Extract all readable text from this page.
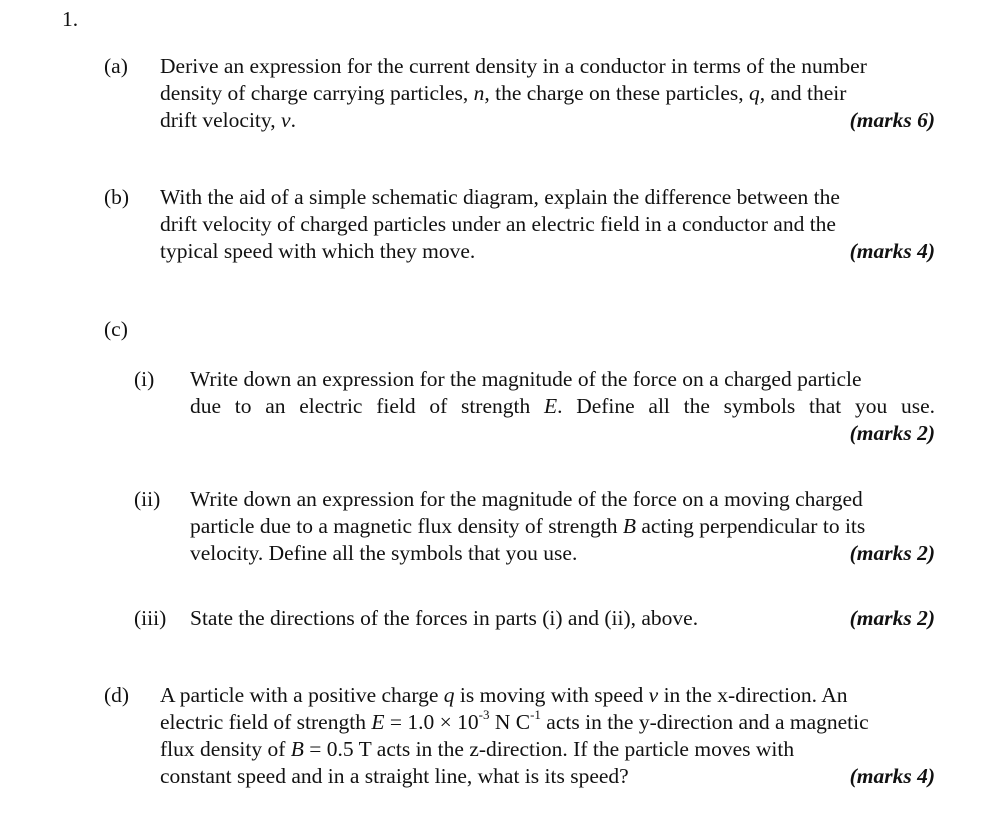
1.
(a) Derive an expression for the current density in a conductor in terms of the number
density of charge carrying particles, n, the charge on these particles, q, and their
drift velocity, v.	(marks 6)
(b) With the aid of a simple schematic diagram, explain the difference between the
drift velocity of charged particles under an electric field in a conductor and the
typical speed with which they move.	(marks 4)
(c)
(i) Write down an expression for the magnitude of the force on a charged particle
due to an electric field of strength E. Define all the symbols that you use.
(marks 2)
(ii) Write down an expression for the magnitude of the force on a moving charged
particle due to a magnetic flux density of strength B acting perpendicular to its
velocity. Define all the symbols that you use.	(marks 2)
(iii) State the directions of the forces in parts (i) and (ii), above.	(marks 2)
(d) A particle with a positive charge q is moving with speed v in the x-direction. An
electric field of strength $E = 1.0 \times 10^{-3}$ N $C^{-1}$ acts in the y-direction and a magnetic
flux density of B = 0.5 T acts in the z-direction. If the particle moves with
constant speed and in a straight line, what is its speed?	(marks 4)
